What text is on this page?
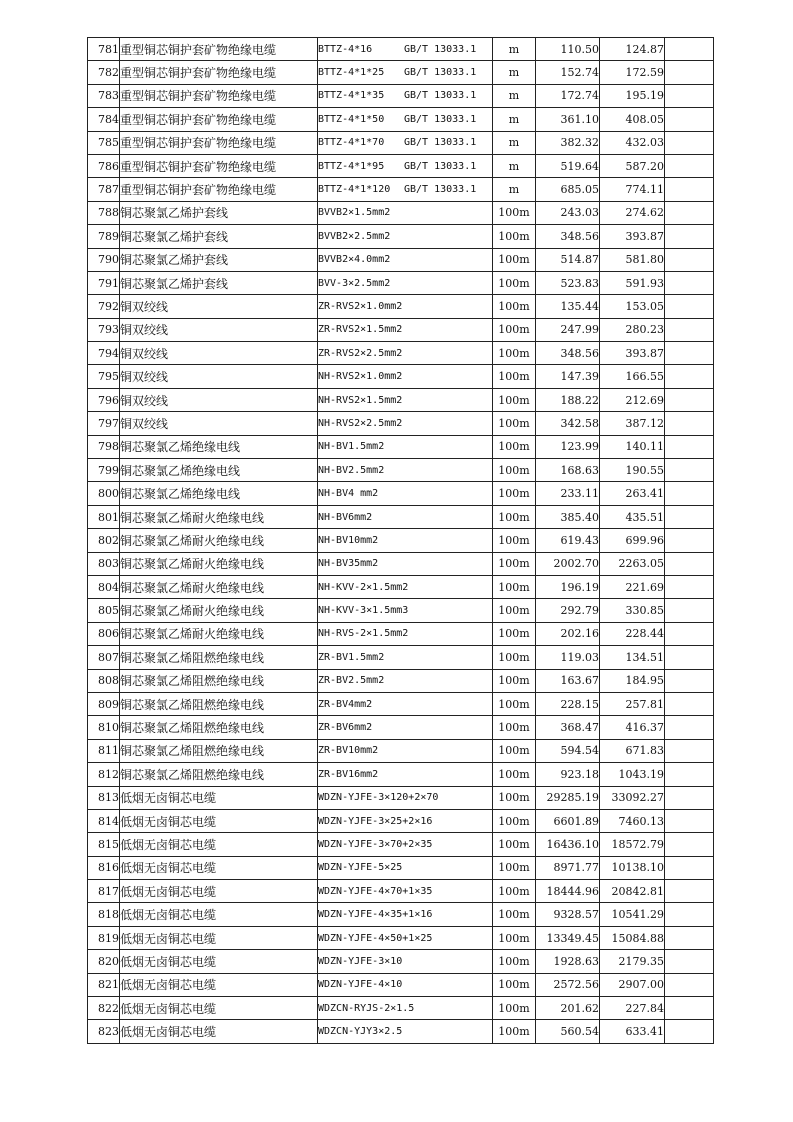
781	重型铜芯铜护套矿物绝缘电缆	BTTZ-4*16 GB/T 13033.1	m	110.50	124.87	
782	重型铜芯铜护套矿物绝缘电缆	BTTZ-4*1*25 GB/T 13033.1	m	152.74	172.59	
783	重型铜芯铜护套矿物绝缘电缆	BTTZ-4*1*35 GB/T 13033.1	m	172.74	195.19	
784	重型铜芯铜护套矿物绝缘电缆	BTTZ-4*1*50 GB/T 13033.1	m	361.10	408.05	
785	重型铜芯铜护套矿物绝缘电缆	BTTZ-4*1*70 GB/T 13033.1	m	382.32	432.03	
786	重型铜芯铜护套矿物绝缘电缆	BTTZ-4*1*95 GB/T 13033.1	m	519.64	587.20	
787	重型铜芯铜护套矿物绝缘电缆	BTTZ-4*1*120 GB/T 13033.1	m	685.05	774.11	
788	铜芯聚氯乙烯护套线	BVVB2×1.5mm2	100m	243.03	274.62	
789	铜芯聚氯乙烯护套线	BVVB2×2.5mm2	100m	348.56	393.87	
790	铜芯聚氯乙烯护套线	BVVB2×4.0mm2	100m	514.87	581.80	
791	铜芯聚氯乙烯护套线	BVV-3×2.5mm2	100m	523.83	591.93	
792	铜双绞线	ZR-RVS2×1.0mm2	100m	135.44	153.05	
793	铜双绞线	ZR-RVS2×1.5mm2	100m	247.99	280.23	
794	铜双绞线	ZR-RVS2×2.5mm2	100m	348.56	393.87	
795	铜双绞线	NH-RVS2×1.0mm2	100m	147.39	166.55	
796	铜双绞线	NH-RVS2×1.5mm2	100m	188.22	212.69	
797	铜双绞线	NH-RVS2×2.5mm2	100m	342.58	387.12	
798	铜芯聚氯乙烯绝缘电线	NH-BV1.5mm2	100m	123.99	140.11	
799	铜芯聚氯乙烯绝缘电线	NH-BV2.5mm2	100m	168.63	190.55	
800	铜芯聚氯乙烯绝缘电线	NH-BV4 mm2	100m	233.11	263.41	
801	铜芯聚氯乙烯耐火绝缘电线	NH-BV6mm2	100m	385.40	435.51	
802	铜芯聚氯乙烯耐火绝缘电线	NH-BV10mm2	100m	619.43	699.96	
803	铜芯聚氯乙烯耐火绝缘电线	NH-BV35mm2	100m	2002.70	2263.05	
804	铜芯聚氯乙烯耐火绝缘电线	NH-KVV-2×1.5mm2	100m	196.19	221.69	
805	铜芯聚氯乙烯耐火绝缘电线	NH-KVV-3×1.5mm3	100m	292.79	330.85	
806	铜芯聚氯乙烯耐火绝缘电线	NH-RVS-2×1.5mm2	100m	202.16	228.44	
807	铜芯聚氯乙烯阻燃绝缘电线	ZR-BV1.5mm2	100m	119.03	134.51	
808	铜芯聚氯乙烯阻燃绝缘电线	ZR-BV2.5mm2	100m	163.67	184.95	
809	铜芯聚氯乙烯阻燃绝缘电线	ZR-BV4mm2	100m	228.15	257.81	
810	铜芯聚氯乙烯阻燃绝缘电线	ZR-BV6mm2	100m	368.47	416.37	
811	铜芯聚氯乙烯阻燃绝缘电线	ZR-BV10mm2	100m	594.54	671.83	
812	铜芯聚氯乙烯阻燃绝缘电线	ZR-BV16mm2	100m	923.18	1043.19	
813	低烟无卤铜芯电缆	WDZN-YJFE-3×120+2×70	100m	29285.19	33092.27	
814	低烟无卤铜芯电缆	WDZN-YJFE-3×25+2×16	100m	6601.89	7460.13	
815	低烟无卤铜芯电缆	WDZN-YJFE-3×70+2×35	100m	16436.10	18572.79	
816	低烟无卤铜芯电缆	WDZN-YJFE-5×25	100m	8971.77	10138.10	
817	低烟无卤铜芯电缆	WDZN-YJFE-4×70+1×35	100m	18444.96	20842.81	
818	低烟无卤铜芯电缆	WDZN-YJFE-4×35+1×16	100m	9328.57	10541.29	
819	低烟无卤铜芯电缆	WDZN-YJFE-4×50+1×25	100m	13349.45	15084.88	
820	低烟无卤铜芯电缆	WDZN-YJFE-3×10	100m	1928.63	2179.35	
821	低烟无卤铜芯电缆	WDZN-YJFE-4×10	100m	2572.56	2907.00	
822	低烟无卤铜芯电缆	WDZCN-RYJS-2×1.5	100m	201.62	227.84	
823	低烟无卤铜芯电缆	WDZCN-YJY3×2.5	100m	560.54	633.41	
